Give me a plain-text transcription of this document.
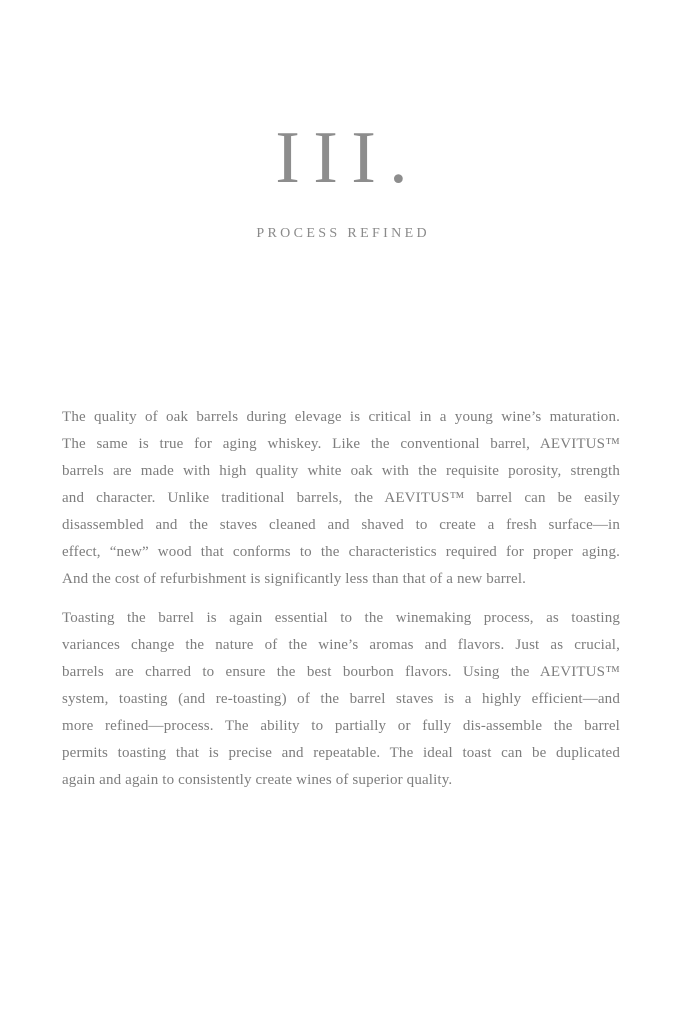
III.
PROCESS REFINED
The quality of oak barrels during elevage is critical in a young wine’s maturation.
The same is true for aging whiskey. Like the conventional barrel, AEVITUS™
barrels are made with high quality white oak with the requisite porosity, strength
and character. Unlike traditional barrels, the AEVITUS™ barrel can be easily
disassembled and the staves cleaned and shaved to create a fresh surface—in
effect, “new” wood that conforms to the characteristics required for proper aging.
And the cost of refurbishment is significantly less than that of a new barrel.
Toasting the barrel is again essential to the winemaking process, as toasting
variances change the nature of the wine’s aromas and flavors. Just as crucial,
barrels are charred to ensure the best bourbon flavors. Using the AEVITUS™
system, toasting (and re-toasting) of the barrel staves is a highly efficient—and
more refined—process. The ability to partially or fully dis-assemble the barrel
permits toasting that is precise and repeatable. The ideal toast can be duplicated
again and again to consistently create wines of superior quality.
